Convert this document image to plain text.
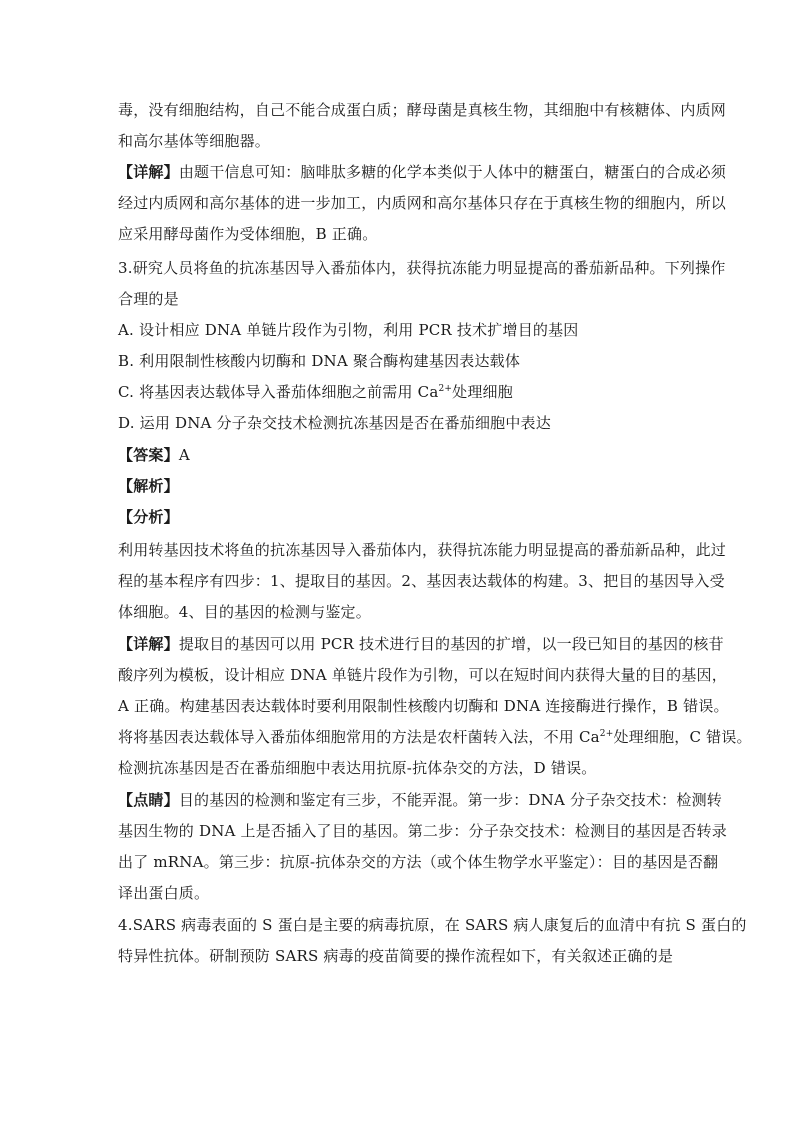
毒，没有细胞结构，自己不能合成蛋白质；酵母菌是真核生物，其细胞中有核糖体、内质网
和高尔基体等细胞器。
【详解】由题干信息可知：脑啡肽多糖的化学本类似于人体中的糖蛋白，糖蛋白的合成必须
经过内质网和高尔基体的进一步加工，内质网和高尔基体只存在于真核生物的细胞内，所以
应采用酵母菌作为受体细胞，B 正确。
3.研究人员将鱼的抗冻基因导入番茄体内，获得抗冻能力明显提高的番茄新品种。下列操作
合理的是
A. 设计相应 DNA 单链片段作为引物，利用 PCR 技术扩增目的基因
B. 利用限制性核酸内切酶和 DNA 聚合酶构建基因表达载体
C. 将基因表达载体导入番茄体细胞之前需用 $Ca^{2+}$处理细胞
D. 运用 DNA 分子杂交技术检测抗冻基因是否在番茄细胞中表达
【答案】A
【解析】
【分析】
利用转基因技术将鱼的抗冻基因导入番茄体内，获得抗冻能力明显提高的番茄新品种，此过
程的基本程序有四步：1、提取目的基因。2、基因表达载体的构建。3、把目的基因导入受
体细胞。4、目的基因的检测与鉴定。
【详解】提取目的基因可以用 PCR 技术进行目的基因的扩增，以一段已知目的基因的核苷
酸序列为模板，设计相应 DNA 单链片段作为引物，可以在短时间内获得大量的目的基因，
A 正确。构建基因表达载体时要利用限制性核酸内切酶和 DNA 连接酶进行操作，B 错误。
将将基因表达载体导入番茄体细胞常用的方法是农杆菌转入法，不用 $Ca^{2+}$处理细胞，C 错误。
检测抗冻基因是否在番茄细胞中表达用抗原-抗体杂交的方法，D 错误。
【点睛】目的基因的检测和鉴定有三步，不能弄混。第一步：DNA 分子杂交技术：检测转
基因生物的 DNA 上是否插入了目的基因。第二步：分子杂交技术：检测目的基因是否转录
出了 mRNA。第三步：抗原-抗体杂交的方法（或个体生物学水平鉴定）：目的基因是否翻
译出蛋白质。
4.SARS 病毒表面的 S 蛋白是主要的病毒抗原，在 SARS 病人康复后的血清中有抗 S 蛋白的
特异性抗体。研制预防 SARS 病毒的疫苗简要的操作流程如下，有关叙述正确的是
